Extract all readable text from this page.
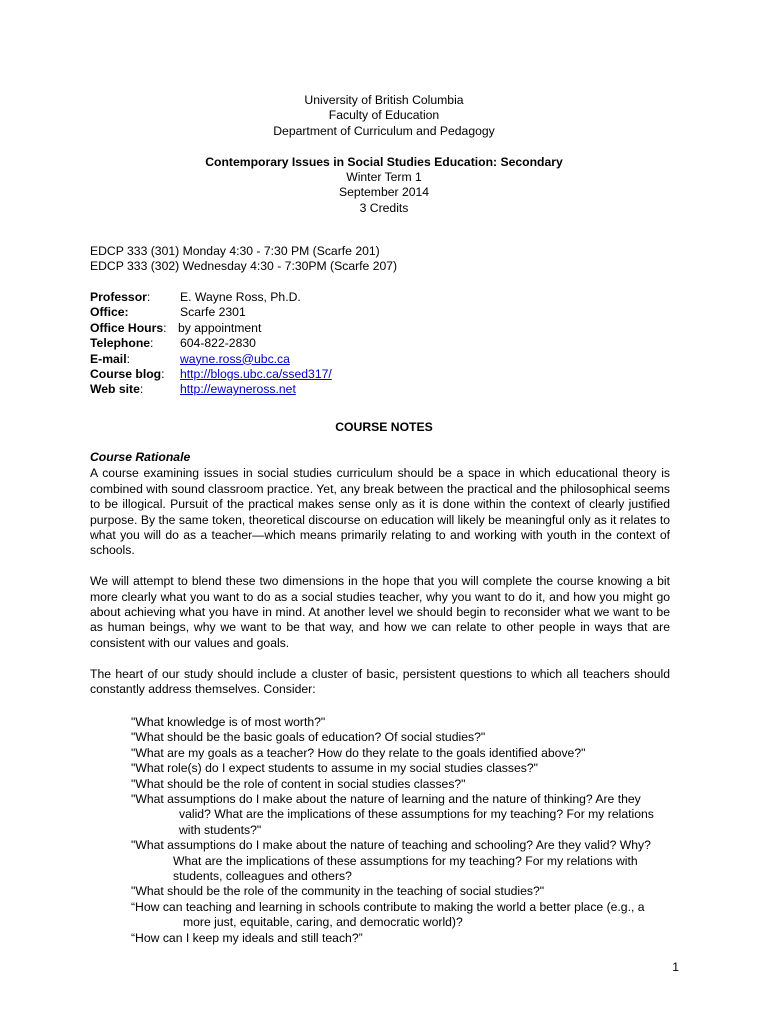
University of British Columbia
Faculty of Education
Department of Curriculum and Pedagogy
Contemporary Issues in Social Studies Education: Secondary
Winter Term 1
September 2014
3 Credits
EDCP 333 (301) Monday 4:30 - 7:30 PM (Scarfe 201)
EDCP 333 (302) Wednesday 4:30 - 7:30PM (Scarfe 207)
Professor: E. Wayne Ross, Ph.D.
Office:	Scarfe 2301
Office Hours: by appointment
Telephone: 604-822-2830
E-mail:	wayne.ross@ubc.ca
Course blog: http://blogs.ubc.ca/ssed317/
Web site:	http://ewayneross.net
COURSE NOTES
Course Rationale

A course examining issues in social studies curriculum should be a space in which educational theory is combined with sound classroom practice. Yet, any break between the practical and the philosophical seems to be illogical. Pursuit of the practical makes sense only as it is done within the context of clearly justified purpose. By the same token, theoretical discourse on education will likely be meaningful only as it relates to what you will do as a teacher—which means primarily relating to and working with youth in the context of schools.

We will attempt to blend these two dimensions in the hope that you will complete the course knowing a bit more clearly what you want to do as a social studies teacher, why you want to do it, and how you might go about achieving what you have in mind. At another level we should begin to reconsider what we want to be as human beings, why we want to be that way, and how we can relate to other people in ways that are consistent with our values and goals.

The heart of our study should include a cluster of basic, persistent questions to which all teachers should constantly address themselves. Consider:

"What knowledge is of most worth?"
"What should be the basic goals of education? Of social studies?"
"What are my goals as a teacher? How do they relate to the goals identified above?"
"What role(s) do I expect students to assume in my social studies classes?"
"What should be the role of content in social studies classes?"
"What assumptions do I make about the nature of learning and the nature of thinking? Are they
valid? What are the implications of these assumptions for my teaching? For my relations
with students?"
"What assumptions do I make about the nature of teaching and schooling? Are they valid? Why?
What are the implications of these assumptions for my teaching? For my relations with
students, colleagues and others?
"What should be the role of the community in the teaching of social studies?"
“How can teaching and learning in schools contribute to making the world a better place (e.g., a
more just, equitable, caring, and democratic world)?
“How can I keep my ideals and still teach?”
1
